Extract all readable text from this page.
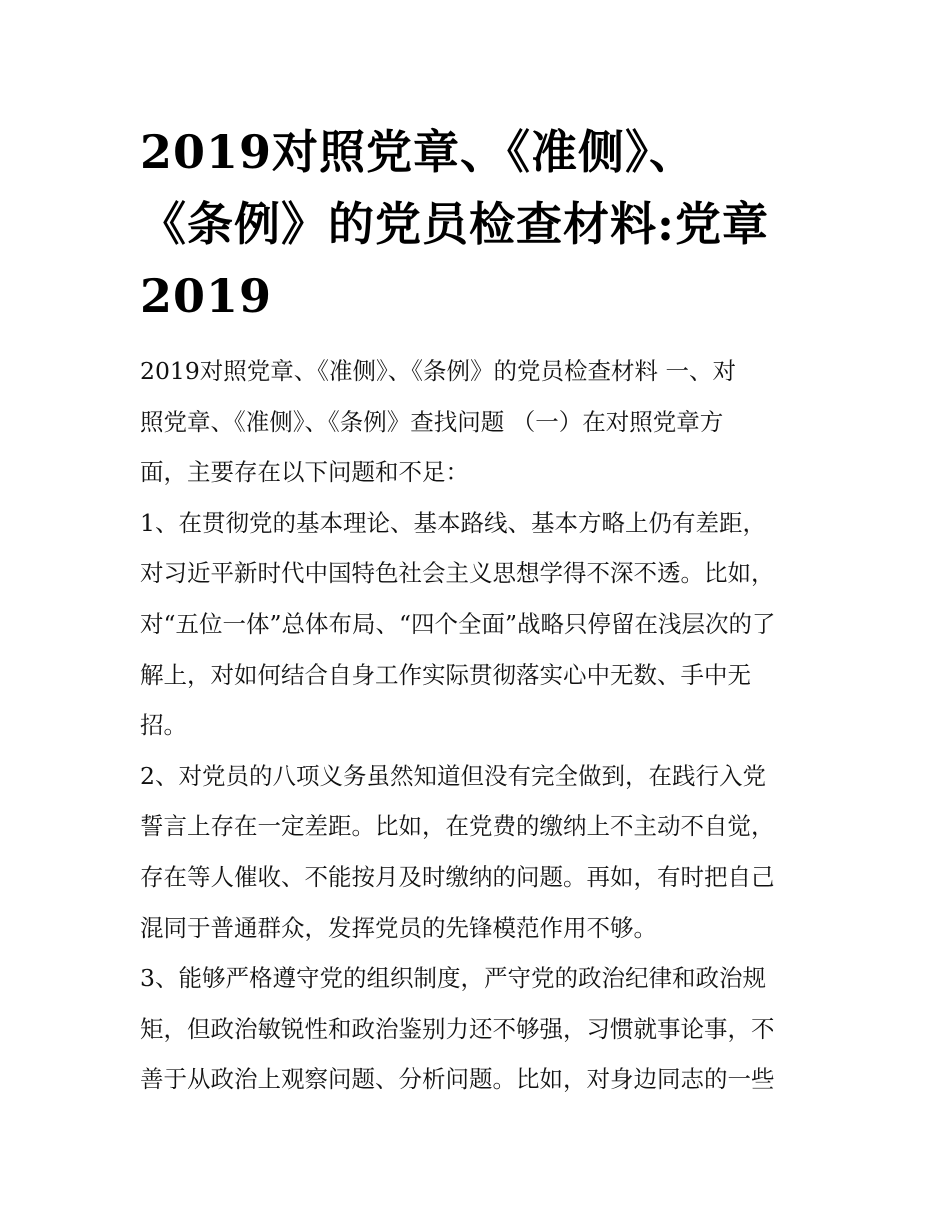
2019对照党章、《准侧》、
《条例》的党员检查材料:党章
2019

2019对照党章、《准侧》、《条例》的党员检查材料 一、对
照党章、《准侧》、《条例》查找问题 （一）在对照党章方
面，主要存在以下问题和不足：

1、在贯彻党的基本理论、基本路线、基本方略上仍有差距，
对习近平新时代中国特色社会主义思想学得不深不透。比如，
对“五位一体”总体布局、“四个全面”战略只停留在浅层次的了
解上，对如何结合自身工作实际贯彻落实心中无数、手中无
招。

2、对党员的八项义务虽然知道但没有完全做到，在践行入党
誓言上存在一定差距。比如，在党费的缴纳上不主动不自觉，
存在等人催收、不能按月及时缴纳的问题。再如，有时把自己
混同于普通群众，发挥党员的先锋模范作用不够。

3、能够严格遵守党的组织制度，严守党的政治纪律和政治规
矩，但政治敏锐性和政治鉴别力还不够强，习惯就事论事，不
善于从政治上观察问题、分析问题。比如，对身边同志的一些
